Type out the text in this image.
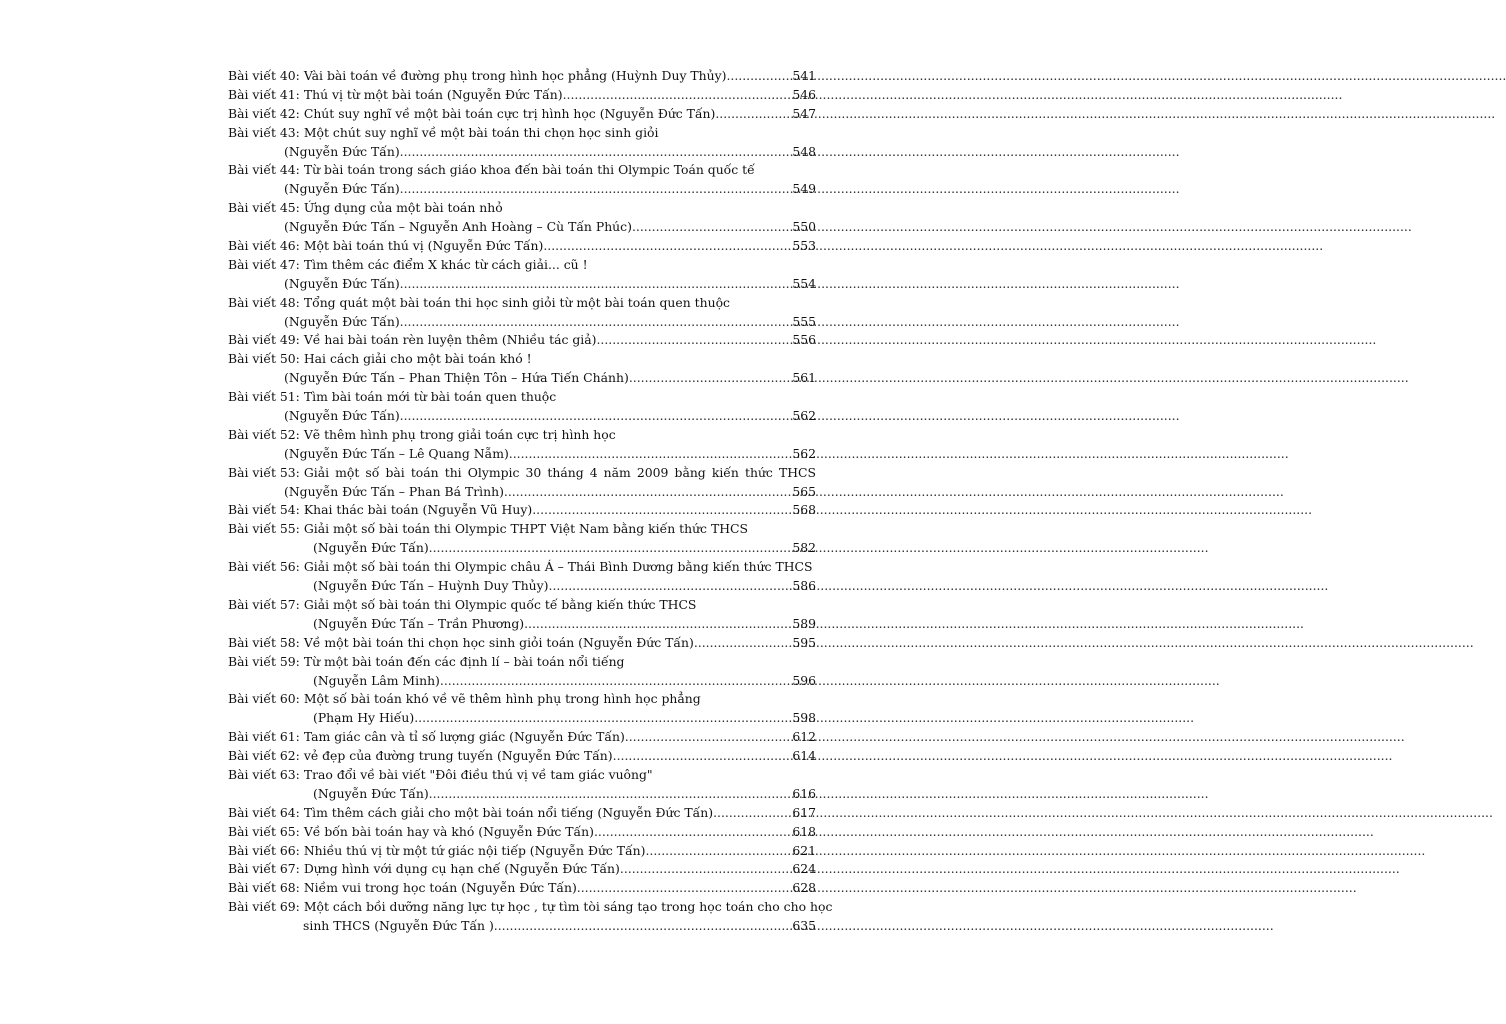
Bài viết 40: Vài bài toán về đường phụ trong hình học phẳng (Huỳnh Duy Thủy) .....	541
Bài viết 41: Thú vị từ một bài toán (Nguyễn Đức Tấn) .....	546
Bài viết 42: Chút suy nghĩ về một bài toán cực trị hình học (Nguyễn Đức Tấn) .....	547
Bài viết 43: Một chút suy nghĩ về một bài toán thi chọn học sinh giỏi
(Nguyễn Đức Tấn) .....	548
Bài viết 44: Từ bài toán trong sách giáo khoa đến bài toán thi Olympic Toán quốc tế
(Nguyễn Đức Tấn) .....	549
Bài viết 45: Ứng dụng của một bài toán nhỏ
(Nguyễn Đức Tấn – Nguyễn Anh Hoàng – Cù Tấn Phúc) .....	550
Bài viết 46: Một bài toán thú vị (Nguyễn Đức Tấn) .....	553
Bài viết 47: Tìm thêm các điểm X khác từ cách giải... cũ !
(Nguyễn Đức Tấn) .....	554
Bài viết 48: Tổng quát một bài toán thi học sinh giỏi từ một bài toán quen thuộc
(Nguyễn Đức Tấn) .....	555
Bài viết 49: Về hai bài toán rèn luyện thêm (Nhiều tác giả) .....	556
Bài viết 50: Hai cách giải cho một bài toán khó !
(Nguyễn Đức Tấn – Phan Thiện Tôn – Hứa Tiến Chánh) .....	561
Bài viết 51: Tìm bài toán mới từ bài toán quen thuộc
(Nguyễn Đức Tấn) .....	562
Bài viết 52: Vẽ thêm hình phụ trong giải toán cực trị hình học
(Nguyễn Đức Tấn – Lê Quang Nẫm) .....	562
Bài viết 53: Giải một số bài toán thi Olympic 30 tháng 4 năm 2009 bằng kiến thức THCS
(Nguyễn Đức Tấn – Phan Bá Trình) .....	565
Bài viết 54: Khai thác bài toán (Nguyễn Vũ Huy) .....	568
Bài viết 55: Giải một số bài toán thi Olympic THPT Việt Nam bằng kiến thức THCS
(Nguyễn Đức Tấn) .....	582
Bài viết 56: Giải một số bài toán thi Olympic châu Á – Thái Bình Dương bằng kiến thức THCS
(Nguyễn Đức Tấn – Huỳnh Duy Thủy) .....	586
Bài viết 57: Giải một số bài toán thi Olympic quốc tế bằng kiến thức THCS
(Nguyễn Đức Tấn – Trần Phương) .....	589
Bài viết 58: Về một bài toán thi chọn học sinh giỏi toán (Nguyễn Đức Tấn) .....	595
Bài viết 59: Từ một bài toán đến các định lí – bài toán nổi tiếng
(Nguyễn Lâm Minh) .....	596
Bài viết 60: Một số bài toán khó về vẽ thêm hình phụ trong hình học phẳng
(Phạm Hy Hiếu) .....	598
Bài viết 61: Tam giác cân và tỉ số lượng giác (Nguyễn Đức Tấn) .....	612
Bài viết 62: vẻ đẹp của đường trung tuyến (Nguyễn Đức Tấn) .....	614
Bài viết 63: Trao đổi về bài viết "Đôi điều thú vị về tam giác vuông"
(Nguyễn Đức Tấn) .....	616
Bài viết 64: Tìm thêm cách giải cho một bài toán nổi tiếng (Nguyễn Đức Tấn) .....	617
Bài viết 65: Về bốn bài toán hay và khó (Nguyễn Đức Tấn) .....	618
Bài viết 66: Nhiều thú vị từ một tứ giác nội tiếp (Nguyễn Đức Tấn) .....	621
Bài viết 67: Dựng hình với dụng cụ hạn chế (Nguyễn Đức Tấn) .....	624
Bài viết 68: Niềm vui trong học toán (Nguyễn Đức Tấn) .....	628
Bài viết 69: Một cách bồi dưỡng năng lực tự học , tự tìm tòi sáng tạo trong học toán cho cho học
sinh THCS (Nguyễn Đức Tấn ) .....	635
